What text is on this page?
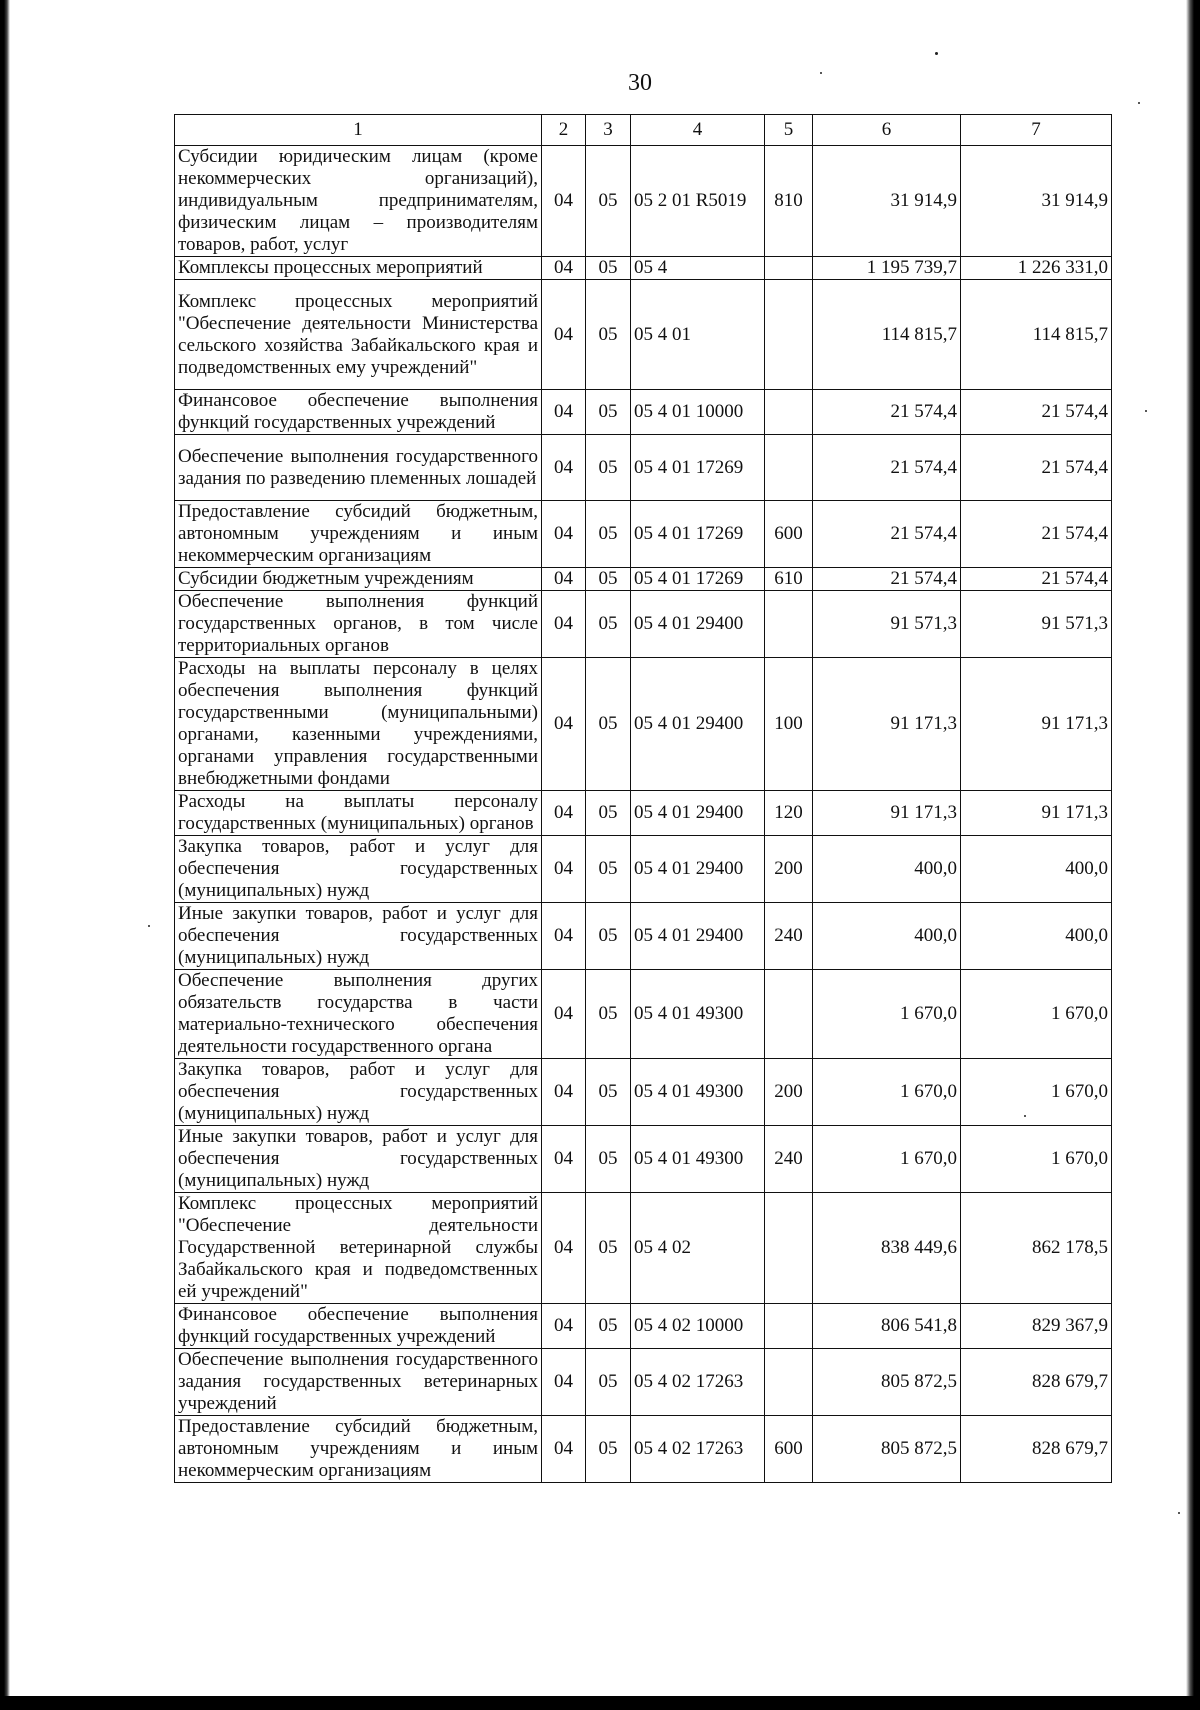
30
1	2	3	4	5	6	7
Субсидии юридическим лицам (кроме некоммерческих организаций), индивидуальным предпринимателям, физическим лицам – производителям товаров, работ, услуг	04	05	05 2 01 R5019	810	31 914,9	31 914,9
Комплексы процессных мероприятий	04	05	05 4		1 195 739,7	1 226 331,0
Комплекс процессных мероприятий "Обеспечение деятельности Министерства сельского хозяйства Забайкальского края и подведомственных ему учреждений"	04	05	05 4 01		114 815,7	114 815,7
Финансовое обеспечение выполнения функций государственных учреждений	04	05	05 4 01 10000		21 574,4	21 574,4
Обеспечение выполнения государственного задания по разведению племенных лошадей	04	05	05 4 01 17269		21 574,4	21 574,4
Предоставление субсидий бюджетным, автономным учреждениям и иным некоммерческим организациям	04	05	05 4 01 17269	600	21 574,4	21 574,4
Субсидии бюджетным учреждениям	04	05	05 4 01 17269	610	21 574,4	21 574,4
Обеспечение выполнения функций государственных органов, в том числе территориальных органов	04	05	05 4 01 29400		91 571,3	91 571,3
Расходы на выплаты персоналу в целях обеспечения выполнения функций государственными (муниципальными) органами, казенными учреждениями, органами управления государственными внебюджетными фондами	04	05	05 4 01 29400	100	91 171,3	91 171,3
Расходы на выплаты персоналу государственных (муниципальных) органов	04	05	05 4 01 29400	120	91 171,3	91 171,3
Закупка товаров, работ и услуг для обеспечения государственных (муниципальных) нужд	04	05	05 4 01 29400	200	400,0	400,0
Иные закупки товаров, работ и услуг для обеспечения государственных (муниципальных) нужд	04	05	05 4 01 29400	240	400,0	400,0
Обеспечение выполнения других обязательств государства в части материально-технического обеспечения деятельности государственного органа	04	05	05 4 01 49300		1 670,0	1 670,0
Закупка товаров, работ и услуг для обеспечения государственных (муниципальных) нужд	04	05	05 4 01 49300	200	1 670,0	1 670,0
Иные закупки товаров, работ и услуг для обеспечения государственных (муниципальных) нужд	04	05	05 4 01 49300	240	1 670,0	1 670,0
Комплекс процессных мероприятий "Обеспечение деятельности Государственной ветеринарной службы Забайкальского края и подведомственных ей учреждений"	04	05	05 4 02		838 449,6	862 178,5
Финансовое обеспечение выполнения функций государственных учреждений	04	05	05 4 02 10000		806 541,8	829 367,9
Обеспечение выполнения государственного задания государственных ветеринарных учреждений	04	05	05 4 02 17263		805 872,5	828 679,7
Предоставление субсидий бюджетным, автономным учреждениям и иным некоммерческим организациям	04	05	05 4 02 17263	600	805 872,5	828 679,7
